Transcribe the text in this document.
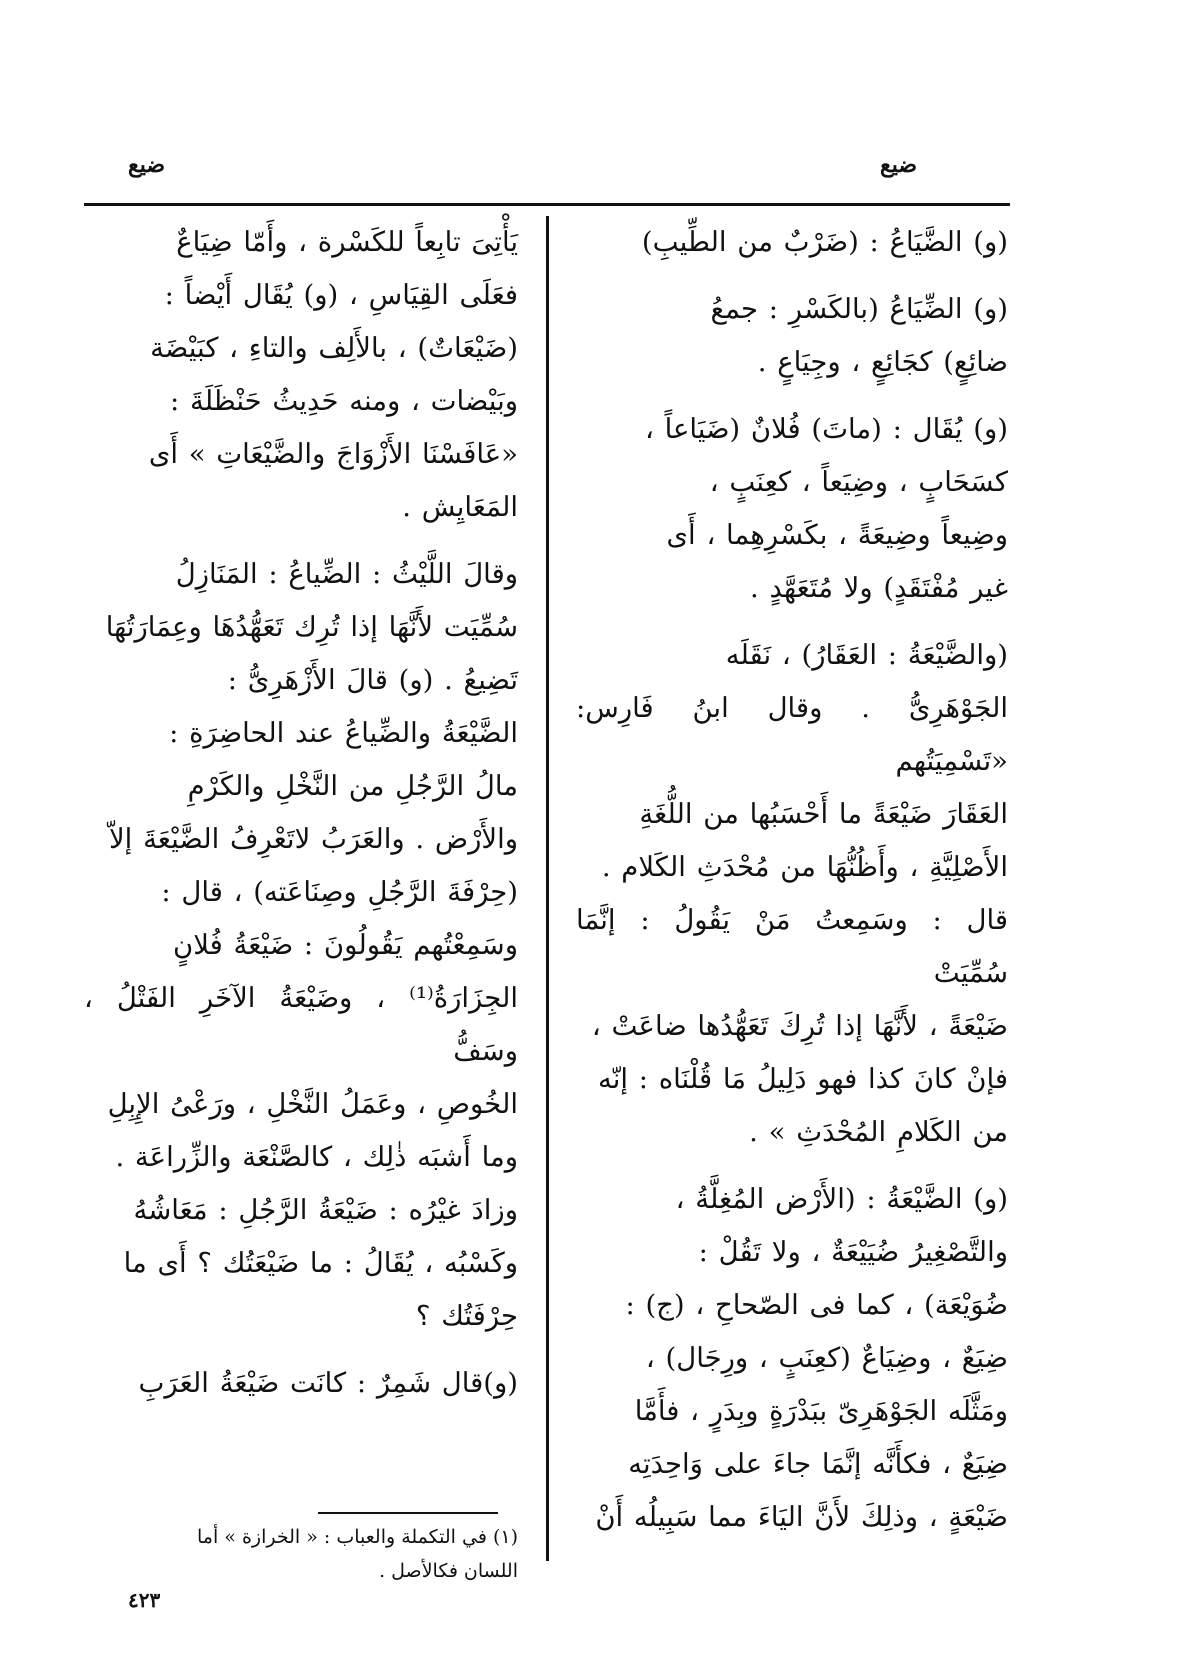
ضيع
ضيع

(و) الضَّيَاعُ : (ضَرْبٌ من الطِّيبِ)

(و) الضِّيَاعُ (بالكَسْرِ : جمعُ
ضائِعٍ) كجَائِعٍ ، وجِيَاعٍ .

(و) يُقَال : (ماتَ) فُلانٌ (ضَيَاعاً ،
كسَحَابٍ ، وضِيَعاً ، كعِنَبٍ ،
وضِيعاً وضِيعَةً ، بكَسْرِهِما ، أَى
غير مُفْتَقَدٍ) ولا مُتَعَهَّدٍ .

(والضَّيْعَةُ : العَقَارُ) ، نَقَلَه
الجَوْهَرِىُّ . وقال ابنُ فَارِس: «تَسْمِيَتُهم
العَقَارَ ضَيْعَةً ما أَحْسَبُها من اللُّغَةِ
الأَصْلِيَّةِ ، وأَظُنُّهَا من مُحْدَثِ الكَلام .
قال : وسَمِعتُ مَنْ يَقُولُ : إنَّمَا سُمِّيَتْ
ضَيْعَةً ، لأَنَّهَا إذا تُرِكَ تَعَهُّدُها ضاعَتْ ،
فإنْ كانَ كذا فهو دَلِيلُ مَا قُلْنَاه : إنّه
من الكَلامِ المُحْدَثِ » .

(و) الضَّيْعَةُ : (الأَرْض المُغِلَّةُ ،
والتَّصْغِيرُ ضُيَيْعَةٌ ، ولا تَقُلْ :
ضُوَيْعَة) ، كما فى الصّحاحِ ، (ج) :
ضِيَعٌ ، وضِيَاعٌ (كعِنَبٍ ، ورِجَال) ،
ومَثَّلَه الجَوْهَرِىّ ببَدْرَةٍ وبِدَرٍ ، فأَمَّا
ضِيَعٌ ، فكأَنَّه إنَّمَا جاءَ على وَاحِدَتِه
ضَيْعَةٍ ، وذلِكَ لأَنَّ اليَاءَ مما سَبِيلُه أَنْ

يَأْتِىَ تابِعاً للكَسْرة ، وأَمّا ضِيَاعٌ
فعَلَى القِيَاسِ ، (و) يُقَال أَيْضاً :
(ضَيْعَاتٌ) ، بالأَلِف والتاءِ ، كبَيْضَة
وبَيْضات ، ومنه حَدِيثُ حَنْظَلَةَ :
«عَافَسْنَا الأَزْوَاجَ والضَّيْعَاتِ » أَى
المَعَايِش .

وقالَ اللَّيْثُ : الضِّياعُ : المَنَازِلُ
سُمِّيَت لأَنَّهَا إذا تُرِك تَعَهُّدُهَا وعِمَارَتُهَا
تَضِيعُ . (و) قالَ الأَزْهَرِىُّ :
الضَّيْعَةُ والضِّياعُ عند الحاضِرَةِ :
مالُ الرَّجُلِ من النَّخْلِ والكَرْمِ
والأَرْض . والعَرَبُ لاتَعْرِفُ الضَّيْعَةَ إلاّ
(حِرْفَةَ الرَّجُلِ وصِنَاعَته) ، قال :
وسَمِعْتُهم يَقُولُونَ : ضَيْعَةُ فُلانٍ
الجِزَارَةُ⁽¹⁾ ، وضَيْعَةُ الآخَرِ الفَتْلُ ، وسَفُّ
الخُوصِ ، وعَمَلُ النَّخْلِ ، ورَعْىُ الإِبِلِ
وما أَشبَه ذٰلِك ، كالصَّنْعَة والزِّراعَة .
وزادَ غيْرُه : ضَيْعَةُ الرَّجُلِ : مَعَاشُهُ
وكَسْبُه ، يُقَالُ : ما ضَيْعَتُك ؟ أَى ما
حِرْفَتُك ؟

(و)قال شَمِرٌ : كانَت ضَيْعَةُ العَرَبِ

(١) في التكملة والعباب : « الخرازة » أما
اللسان فكالأصل .
٤٢٣
